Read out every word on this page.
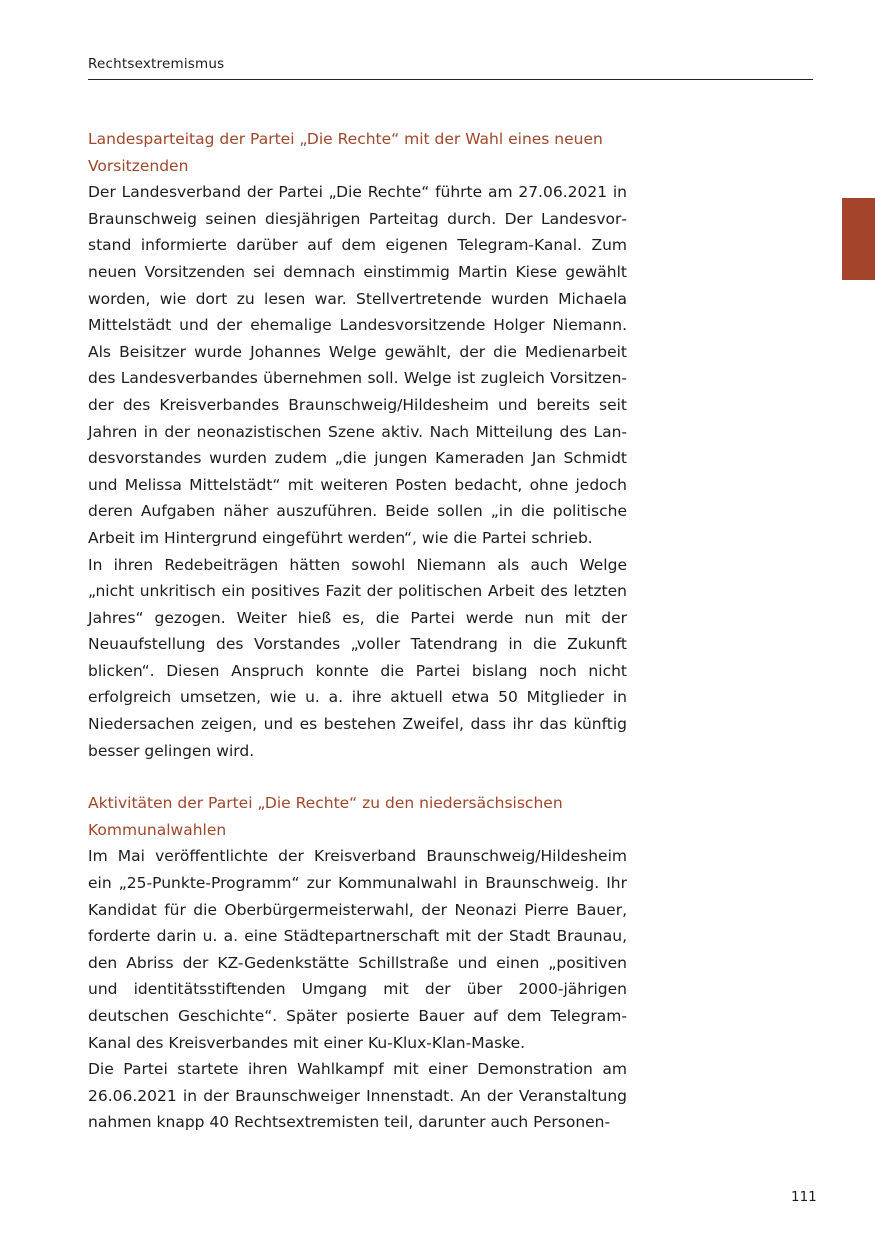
Rechtsextremismus
Landesparteitag der Partei „Die Rechte“ mit der Wahl eines neuen Vorsitzenden

Der Landesverband der Partei „Die Rechte“ führte am 27.06.2021 in Braunschweig seinen diesjährigen Parteitag durch. Der Landesvorstand informierte darüber auf dem eigenen Telegram-Kanal. Zum neuen Vorsitzenden sei demnach einstimmig Martin Kiese gewählt worden, wie dort zu lesen war. Stellvertretende wurden Michaela Mittelstädt und der ehemalige Landesvorsitzende Holger Niemann. Als Beisitzer wurde Johannes Welge gewählt, der die Medienarbeit des Landesverbandes übernehmen soll. Welge ist zugleich Vorsitzender des Kreisverbandes Braunschweig/Hildesheim und bereits seit Jahren in der neonazistischen Szene aktiv. Nach Mitteilung des Landesvorstandes wurden zudem „die jungen Kameraden Jan Schmidt und Melissa Mittelstädt“ mit weiteren Posten bedacht, ohne jedoch deren Aufgaben näher auszuführen. Beide sollen „in die politische Arbeit im Hintergrund eingeführt werden“, wie die Partei schrieb.

In ihren Redebeiträgen hätten sowohl Niemann als auch Welge „nicht unkritisch ein positives Fazit der politischen Arbeit des letzten Jahres“ gezogen. Weiter hieß es, die Partei werde nun mit der Neuaufstellung des Vorstandes „voller Tatendrang in die Zukunft blicken“. Diesen Anspruch konnte die Partei bislang noch nicht erfolgreich umsetzen, wie u. a. ihre aktuell etwa 50 Mitglieder in Niedersachen zeigen, und es bestehen Zweifel, dass ihr das künftig besser gelingen wird.

Aktivitäten der Partei „Die Rechte“ zu den niedersächsischen Kommunalwahlen

Im Mai veröffentlichte der Kreisverband Braunschweig/Hildesheim ein „25-Punkte-Programm“ zur Kommunalwahl in Braunschweig. Ihr Kandidat für die Oberbürgermeisterwahl, der Neonazi Pierre Bauer, forderte darin u. a. eine Städtepartnerschaft mit der Stadt Braunau, den Abriss der KZ-Gedenkstätte Schillstraße und einen „positiven und identitätsstiftenden Umgang mit der über 2000-jährigen deutschen Geschichte“. Später posierte Bauer auf dem Telegram-Kanal des Kreisverbandes mit einer Ku-Klux-Klan-Maske.

Die Partei startete ihren Wahlkampf mit einer Demonstration am 26.06.2021 in der Braunschweiger Innenstadt. An der Veranstaltung nahmen knapp 40 Rechtsextremisten teil, darunter auch Personen-

111
